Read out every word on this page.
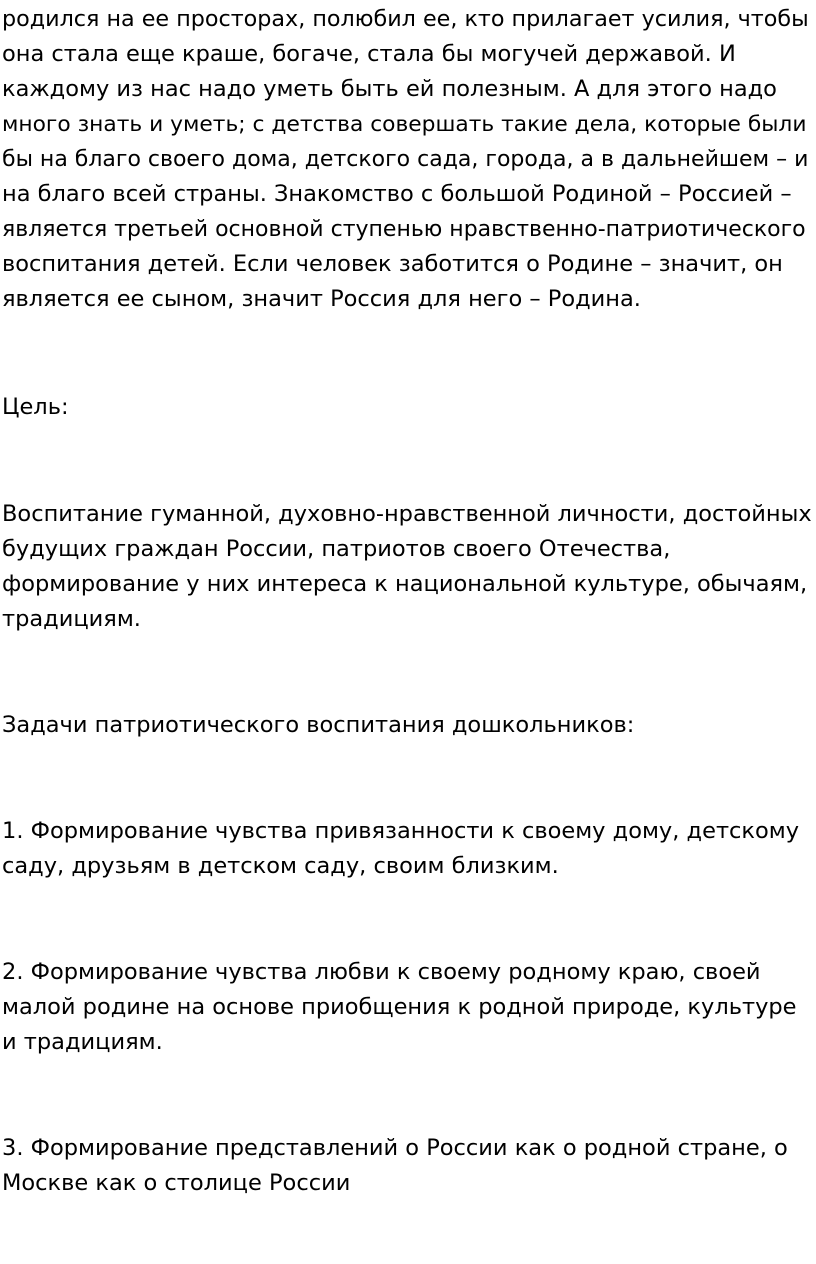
родился на ее просторах, полюбил ее, кто прилагает усилия, чтобы
она стала еще краше, богаче, стала бы могучей державой. И
каждому из нас надо уметь быть ей полезным. А для этого надо
много знать и уметь; с детства совершать такие дела, которые были
бы на благо своего дома, детского сада, города, а в дальнейшем – и
на благо всей страны. Знакомство с большой Родиной – Россией –
является третьей основной ступенью нравственно-патриотического
воспитания детей. Если человек заботится о Родине – значит, он
является ее сыном, значит Россия для него – Родина.
Цель:
Воспитание гуманной, духовно-нравственной личности, достойных
будущих граждан России, патриотов своего Отечества,
формирование у них интереса к национальной культуре, обычаям,
традициям.
Задачи патриотического воспитания дошкольников:
1. Формирование чувства привязанности к своему дому, детскому
саду, друзьям в детском саду, своим близким.
2. Формирование чувства любви к своему родному краю, своей
малой родине на основе приобщения к родной природе, культуре
и традициям.
3. Формирование представлений о России как о родной стране, о
Москве как о столице России
